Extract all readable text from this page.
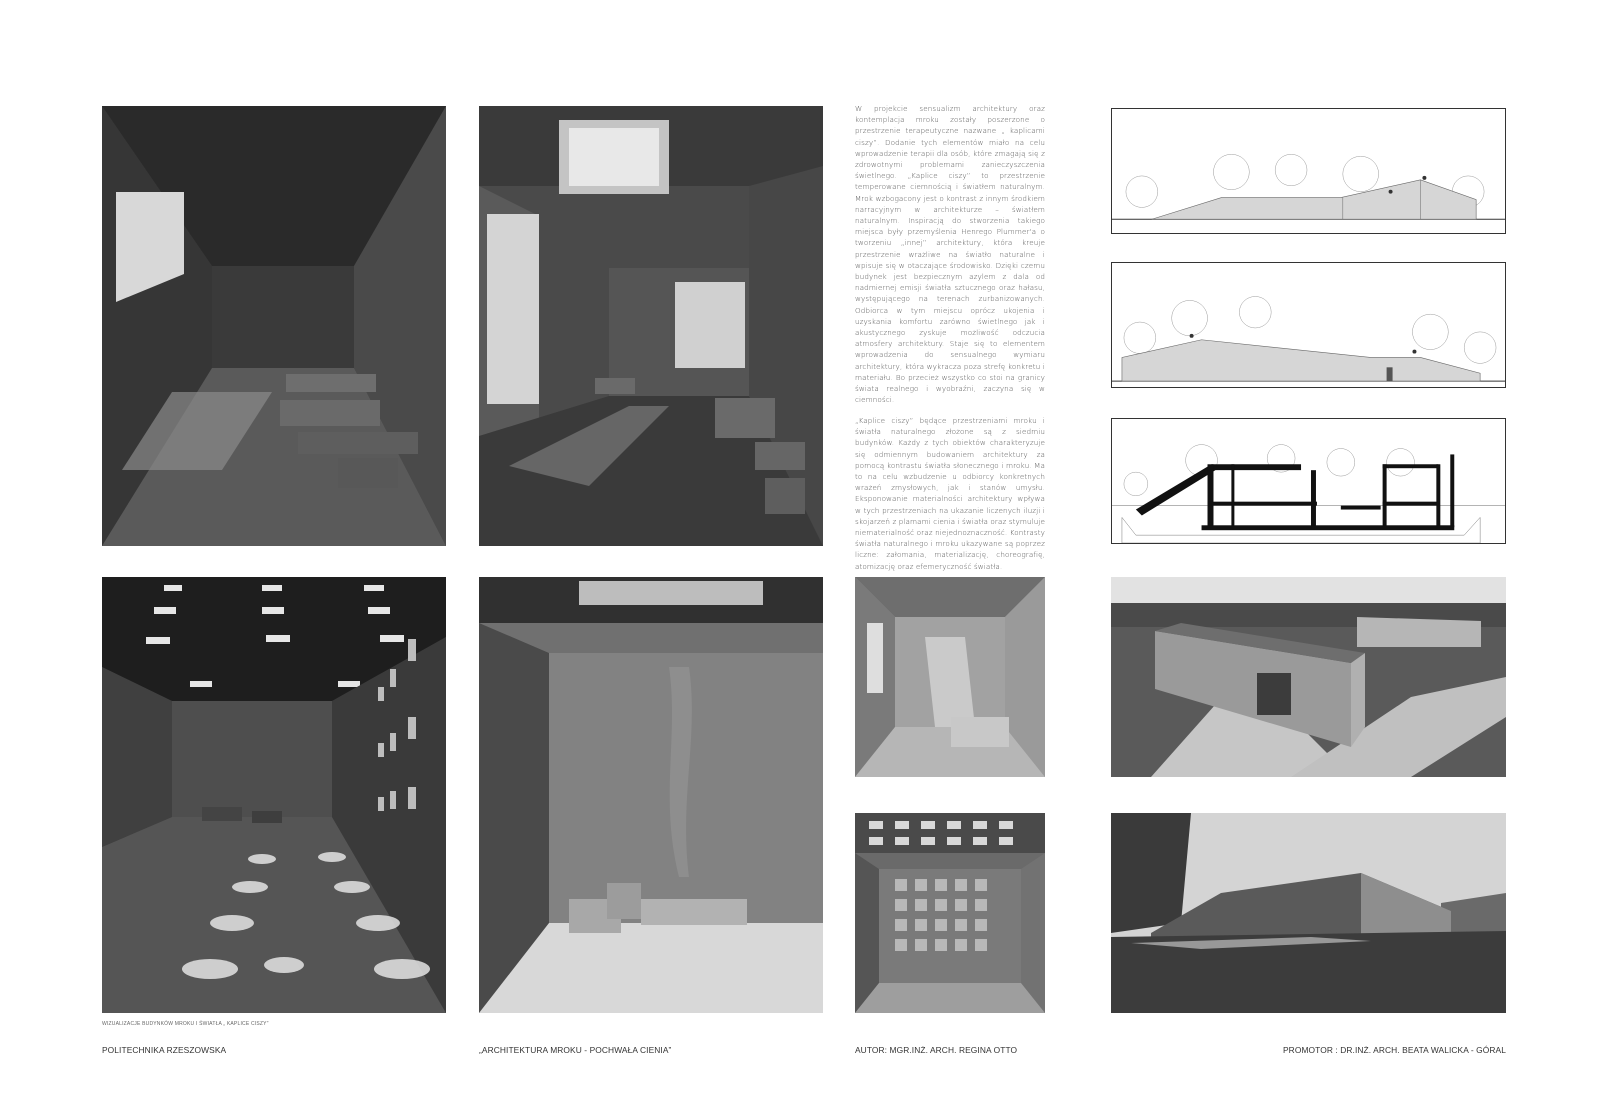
W projekcie sensualizm architektury oraz kontemplacja mroku zostały poszerzone o przestrzenie terapeutyczne nazwane „ kaplicami ciszy”. Dodanie tych elementów miało na celu wprowadzenie terapii dla osób, które zmagają się z zdrowotnymi problemami zanieczyszczenia świetlnego. „Kaplice ciszy” to przestrzenie temperowane ciemnością i światłem naturalnym. Mrok wzbogacony jest o kontrast z innym środkiem narracyjnym w architekturze – światłem naturalnym. Inspiracją do stworzenia takiego miejsca były przemyślenia Henrego Plummer'a o tworzeniu „innej” architektury, która kreuje przestrzenie wrażliwe na światło naturalne i wpisuje się w otaczające środowisko. Dzięki czemu budynek jest bezpiecznym azylem z dala od nadmiernej emisji światła sztucznego oraz hałasu, występującego na terenach zurbanizowanych. Odbiorca w tym miejscu oprócz ukojenia i uzyskania komfortu zarówno świetlnego jak i akustycznego zyskuje możliwość odczucia atmosfery architektury. Staje się to elementem wprowadzenia do sensualnego wymiaru architektury, która wykracza poza strefę konkretu i materiału. Bo przecież wszystko co stoi na granicy świata realnego i wyobraźni, zaczyna się w ciemności.
„Kaplice ciszy” będące przestrzeniami mroku i światła naturalnego złożone są z siedmiu budynków. Każdy z tych obiektów charakteryzuje się odmiennym budowaniem architektury za pomocą kontrastu światła słonecznego i mroku. Ma to na celu wzbudzenie u odbiorcy konkretnych wrażeń zmysłowych, jak i stanów umysłu. Eksponowanie materialności architektury wpływa w tych przestrzeniach na ukazanie liczenych iluzji i skojarzeń z plamami cienia i światła oraz stymuluje niematerialność oraz niejednoznaczność. Kontrasty światła naturalnego i mroku ukazywane są poprzez liczne: załomania, materializację, choreografię, atomizację oraz efemeryczność światła.
WIZUALIZACJE BUDYNKÓW MROKU I ŚWIATŁA „ KAPLICE CISZY”
POLITECHNIKA RZESZOWSKA	„ARCHITEKTURA MROKU - POCHWAŁA CIENIA”	AUTOR: MGR.INŻ. ARCH. REGINA OTTO	PROMOTOR : DR.INŻ. ARCH. BEATA WALICKA - GÓRAL
